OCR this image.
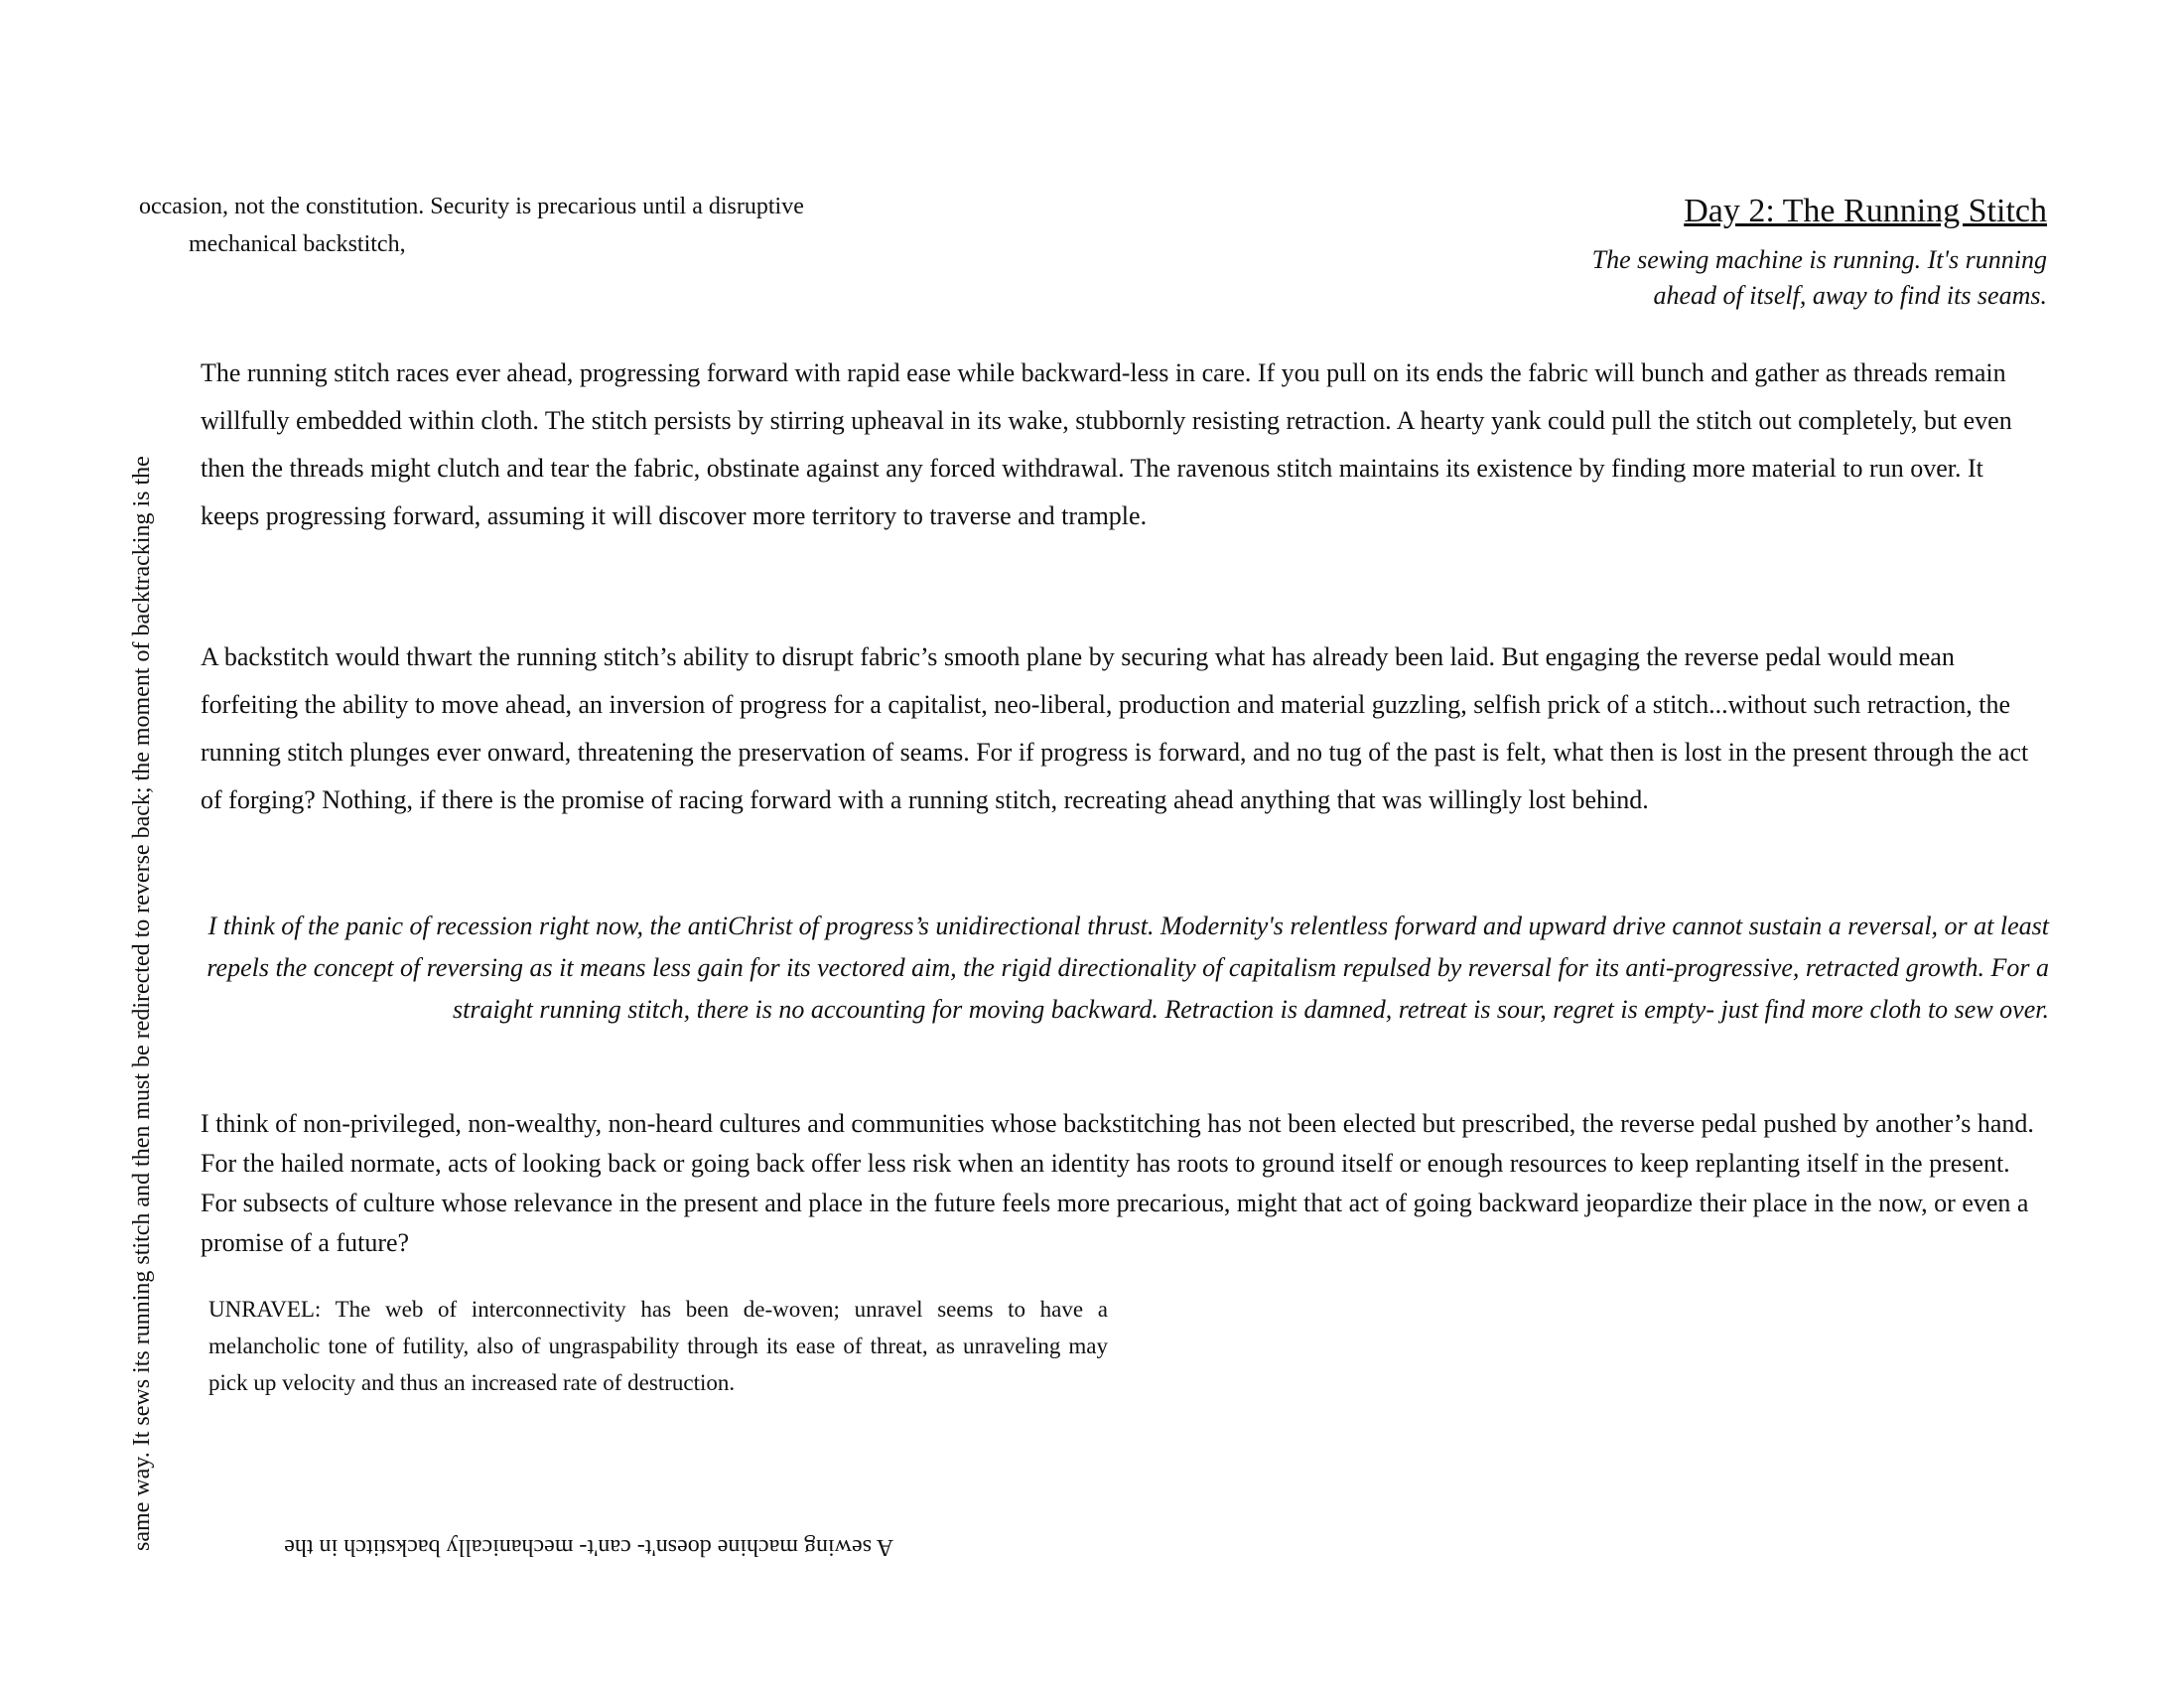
occasion, not the constitution. Security is precarious until a disruptive
mechanical backstitch,
same way. It sews its running stitch and then must be redirected to reverse back; the moment of backtracking is the	A sewing machine doesn't- can't- mechanically backstitch in the
Day 2: The Running Stitch
The sewing machine is running. It's running
ahead of itself, away to find its seams.
The running stitch races ever ahead, progressing forward with rapid ease while backward-less in care. If you pull on its ends the fabric will bunch and gather as threads remain willfully embedded within cloth. The stitch persists by stirring upheaval in its wake, stubbornly resisting retraction. A hearty yank could pull the stitch out completely, but even then the threads might clutch and tear the fabric, obstinate against any forced withdrawal. The ravenous stitch maintains its existence by finding more material to run over. It keeps progressing forward, assuming it will discover more territory to traverse and trample.
A backstitch would thwart the running stitch’s ability to disrupt fabric’s smooth plane by securing what has already been laid. But engaging the reverse pedal would mean forfeiting the ability to move ahead, an inversion of progress for a capitalist, neo-liberal, production and material guzzling, selfish prick of a stitch...without such retraction, the running stitch plunges ever onward, threatening the preservation of seams. For if progress is forward, and no tug of the past is felt, what then is lost in the present through the act of forging? Nothing, if there is the promise of racing forward with a running stitch, recreating ahead anything that was willingly lost behind.
I think of the panic of recession right now, the antiChrist of progress’s unidirectional thrust. Modernity's relentless forward and upward drive cannot sustain a reversal, or at least repels the concept of reversing as it means less gain for its vectored aim, the rigid directionality of capitalism repulsed by reversal for its anti-progressive, retracted growth. For a straight running stitch, there is no accounting for moving backward. Retraction is damned, retreat is sour, regret is empty- just find more cloth to sew over.
I think of non-privileged, non-wealthy, non-heard cultures and communities whose backstitching has not been elected but prescribed, the reverse pedal pushed by another’s hand. For the hailed normate, acts of looking back or going back offer less risk when an identity has roots to ground itself or enough resources to keep replanting itself in the present. For subsects of culture whose relevance in the present and place in the future feels more precarious, might that act of going backward jeopardize their place in the now, or even a promise of a future?
UNRAVEL: The web of interconnectivity has been de-woven; unravel seems to have a melancholic tone of futility, also of ungraspability through its ease of threat, as unraveling may pick up velocity and thus an increased rate of destruction.
